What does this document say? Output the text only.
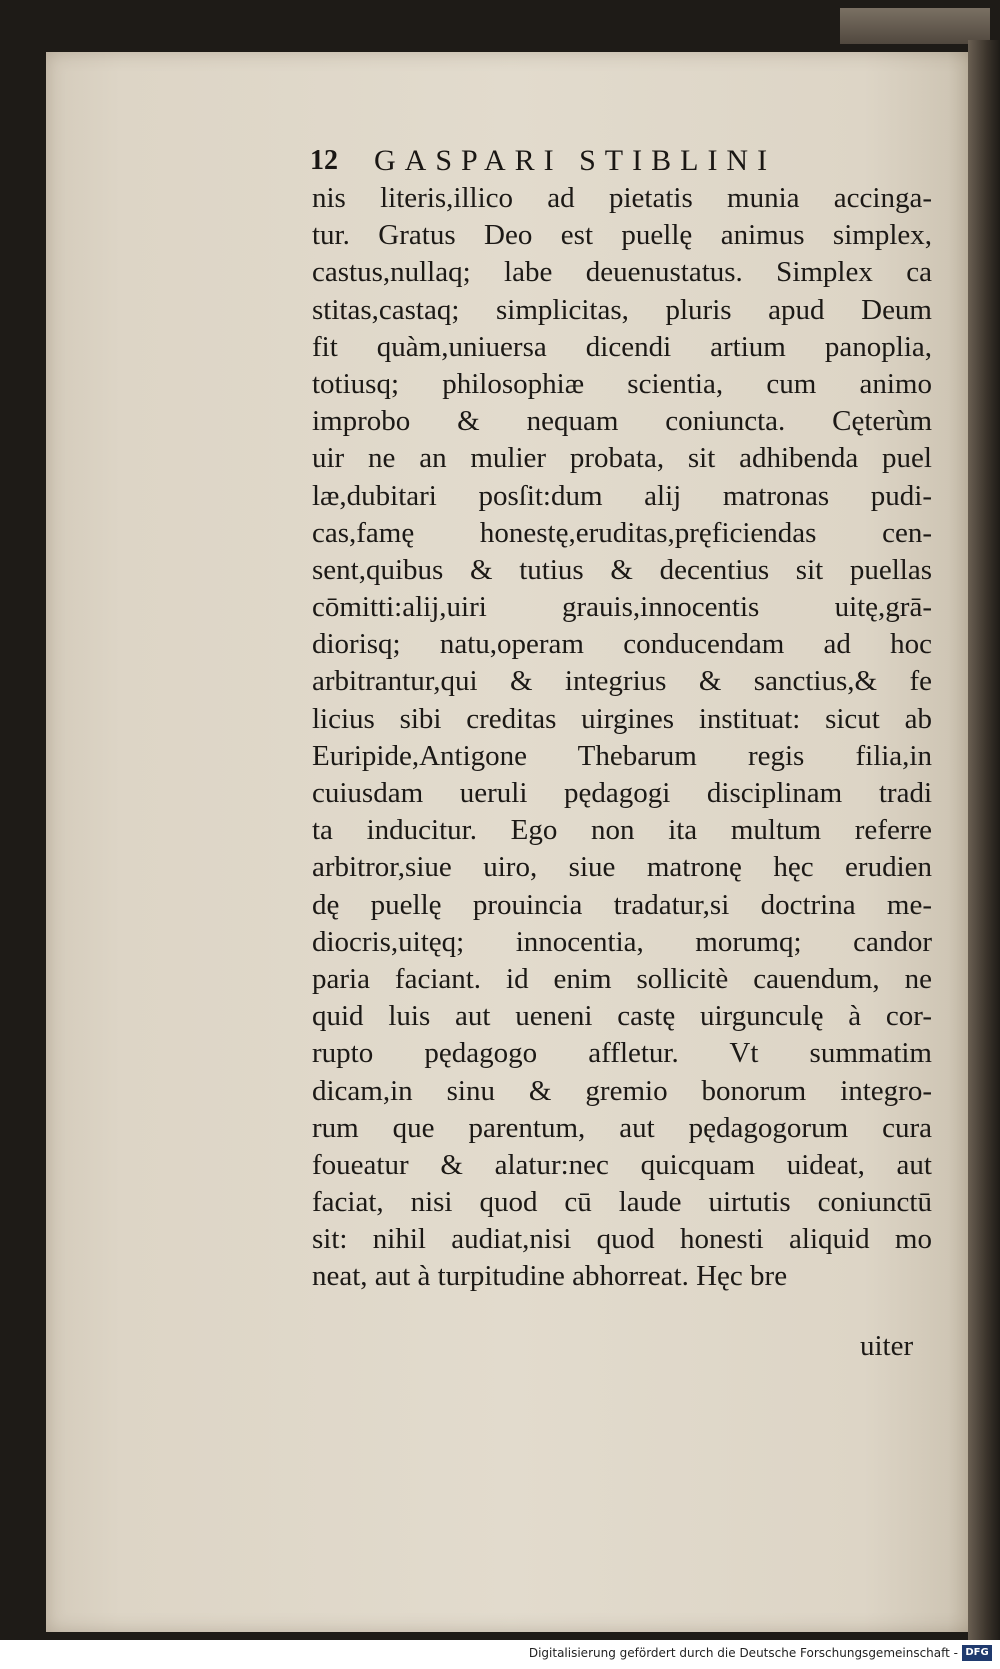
12 GASPARI STIBLINI
nis literis,illico ad pietatis munia accinga-
tur. Gratus Deo est puellę animus simplex,
castus,nullaq; labe deuenustatus. Simplex ca
stitas,castaq; simplicitas, pluris apud Deum
fit quàm,uniuersa dicendi artium panoplia,
totiusq; philosophiæ scientia, cum animo
improbo & nequam coniuncta. Cęterùm
uir ne an mulier probata, sit adhibenda puel
læ,dubitari posſit:dum alij matronas pudi-
cas,famę honestę,eruditas,pręficiendas cen-
sent,quibus & tutius & decentius sit puellas
cōmitti:alij,uiri grauis,innocentis uitę,grā-
diorisq; natu,operam conducendam ad hoc
arbitrantur,qui & integrius & sanctius,& fe
licius sibi creditas uirgines instituat: sicut ab
Euripide,Antigone Thebarum regis filia,in
cuiusdam ueruli pędagogi disciplinam tradi
ta inducitur. Ego non ita multum referre
arbitror,siue uiro, siue matronę hęc erudien
dę puellę prouincia tradatur,si doctrina me-
diocris,uitęq; innocentia, morumq; candor
paria faciant. id enim sollicitè cauendum, ne
quid luis aut ueneni castę uirgunculę à cor-
rupto pędagogo affletur. Vt summatim
dicam,in sinu & gremio bonorum integro-
rum que parentum, aut pędagogorum cura
foueatur & alatur:nec quicquam uideat, aut
faciat, nisi quod cū laude uirtutis coniunctū
sit: nihil audiat,nisi quod honesti aliquid mo
neat, aut à turpitudine abhorreat. Hęc bre
uiter
Digitalisierung gefördert durch die Deutsche Forschungsgemeinschaft - DFG
